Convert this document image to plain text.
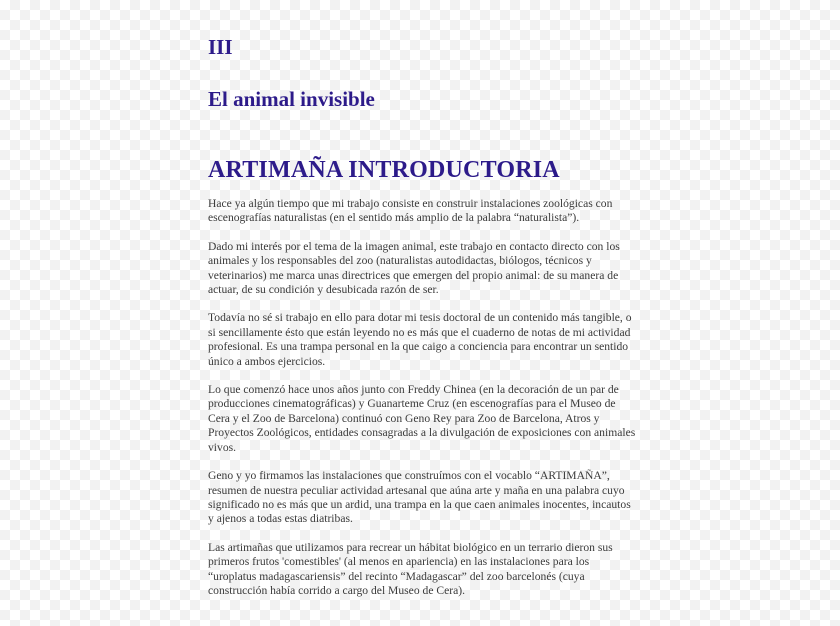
III
El animal invisible
ARTIMAÑA INTRODUCTORIA

Hace ya algún tiempo que mi trabajo consiste en construir instalaciones zoológicas con escenografías naturalistas (en el sentido más amplio de la palabra “naturalista”).

Dado mi interés por el tema de la imagen animal, este trabajo en contacto directo con los animales y los responsables del zoo (naturalistas autodidactas, biólogos, técnicos y veterinarios) me marca unas directrices que emergen del propio animal: de su manera de actuar, de su condición y desubicada razón de ser.

Todavía no sé si trabajo en ello para dotar mi tesis doctoral de un contenido más tangible, o si sencillamente ésto que están leyendo no es más que el cuaderno de notas de mi actividad profesional. Es una trampa personal en la que caigo a conciencia para encontrar un sentido único a ambos ejercicios.

Lo que comenzó hace unos años junto con Freddy Chinea (en la decoración de un par de producciones cinematográficas) y Guanarteme Cruz (en escenografías para el Museo de Cera y el Zoo de Barcelona) continuó con Geno Rey para Zoo de Barcelona, Atros y Proyectos Zoológicos, entidades consagradas a la divulgación de exposiciones con animales vivos.

Geno y yo firmamos las instalaciones que construímos con el vocablo “ARTIMAÑA”, resumen de nuestra peculiar actividad artesanal que aúna arte y maña en una palabra cuyo significado no es más que un ardid, una trampa en la que caen animales inocentes, incautos y ajenos a todas estas diatribas.

Las artimañas que utilizamos para recrear un hábitat biológico en un terrario dieron sus primeros frutos 'comestibles' (al menos en apariencia) en las instalaciones para los “uroplatus madagascariensis” del recinto “Madagascar” del zoo barcelonés (cuya construcción había corrido a cargo del Museo de Cera).
